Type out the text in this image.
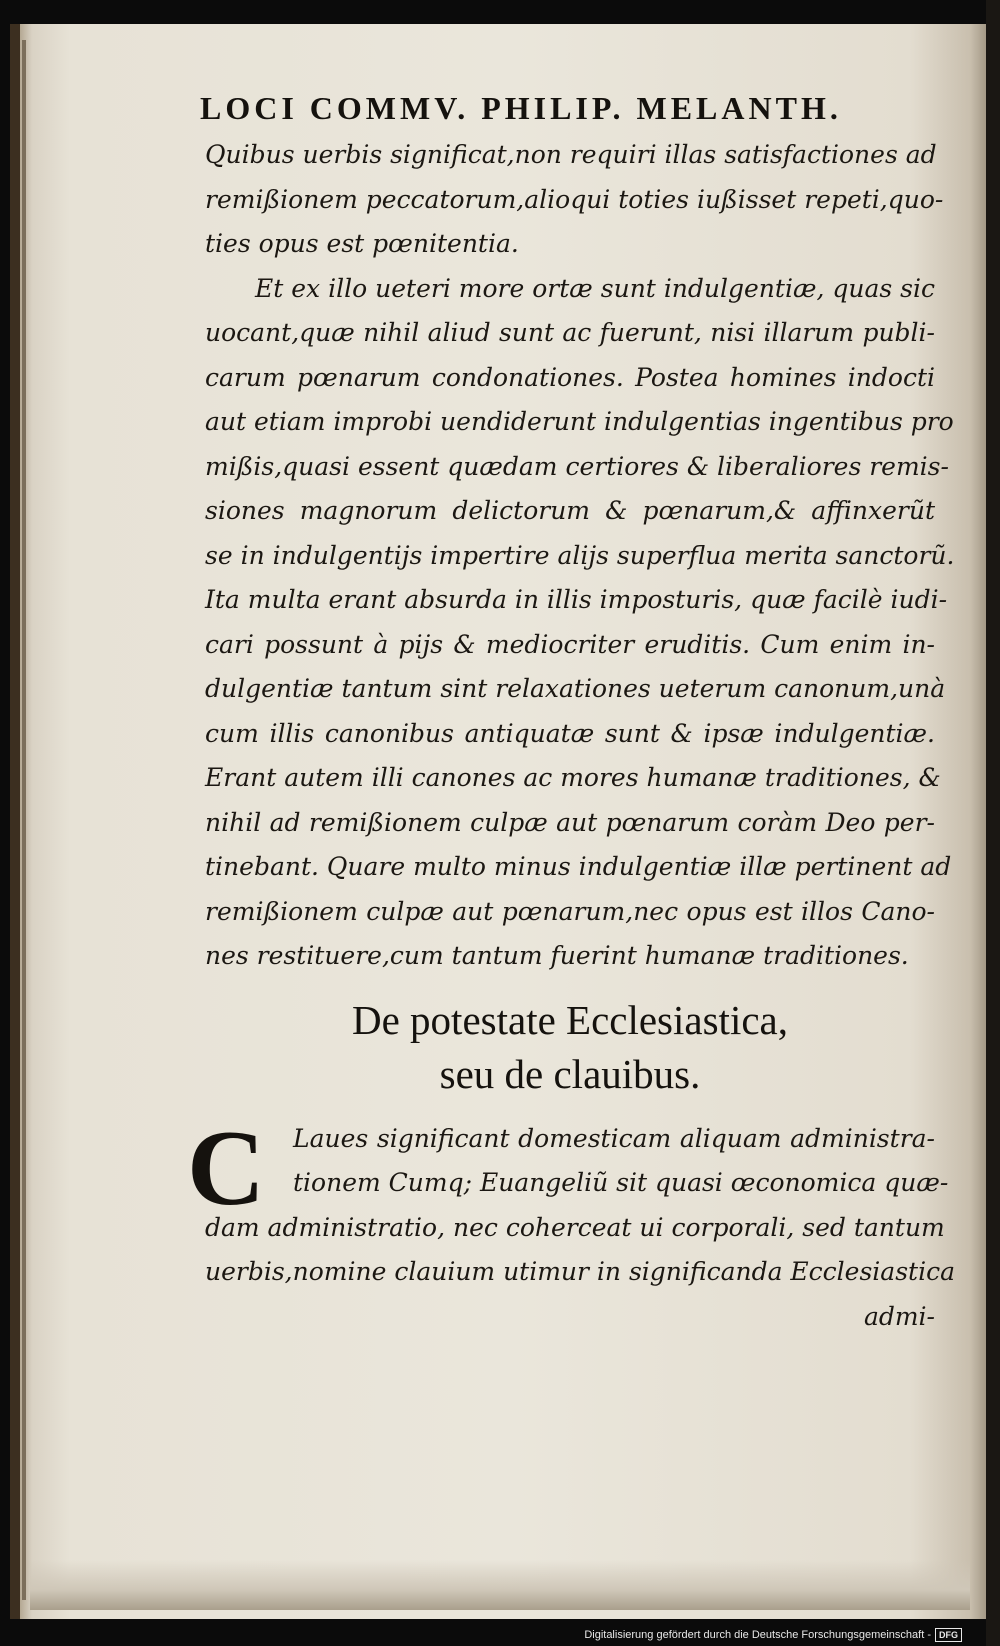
LOCI COMMV. PHILIP. MELANTH.
Quibus uerbis significat,non requiri illas satisfactiones ad
remißionem peccatorum,alioqui toties iußisset repeti,quo-
ties opus est pœnitentia.
Et ex illo ueteri more ortæ sunt indulgentiæ, quas sic
uocant,quæ nihil aliud sunt ac fuerunt, nisi illarum publi-
carum pœnarum condonationes. Postea homines indocti
aut etiam improbi uendiderunt indulgentias ingentibus pro
mißis,quasi essent quædam certiores & liberaliores remis-
siones magnorum delictorum & pœnarum,& affinxerũt
se in indulgentijs impertire alijs superflua merita sanctorũ.
Ita multa erant absurda in illis imposturis, quæ facilè iudi-
cari possunt à pijs & mediocriter eruditis. Cum enim in-
dulgentiæ tantum sint relaxationes ueterum canonum,unà
cum illis canonibus antiquatæ sunt & ipsæ indulgentiæ.
Erant autem illi canones ac mores humanæ traditiones, &
nihil ad remißionem culpæ aut pœnarum coràm Deo per-
tinebant. Quare multo minus indulgentiæ illæ pertinent ad
remißionem culpæ aut pœnarum,nec opus est illos Cano-
nes restituere,cum tantum fuerint humanæ traditiones.
De potestate Ecclesiastica,
seu de clauibus.
C	Laues significant domesticam aliquam administra-
tionem Cumq; Euangeliũ sit quasi œconomica quæ-
dam administratio, nec coherceat ui corporali, sed tantum
uerbis,nomine clauium utimur in significanda Ecclesiastica
admi-
Digitalisierung gefördert durch die Deutsche Forschungsgemeinschaft - DFG
